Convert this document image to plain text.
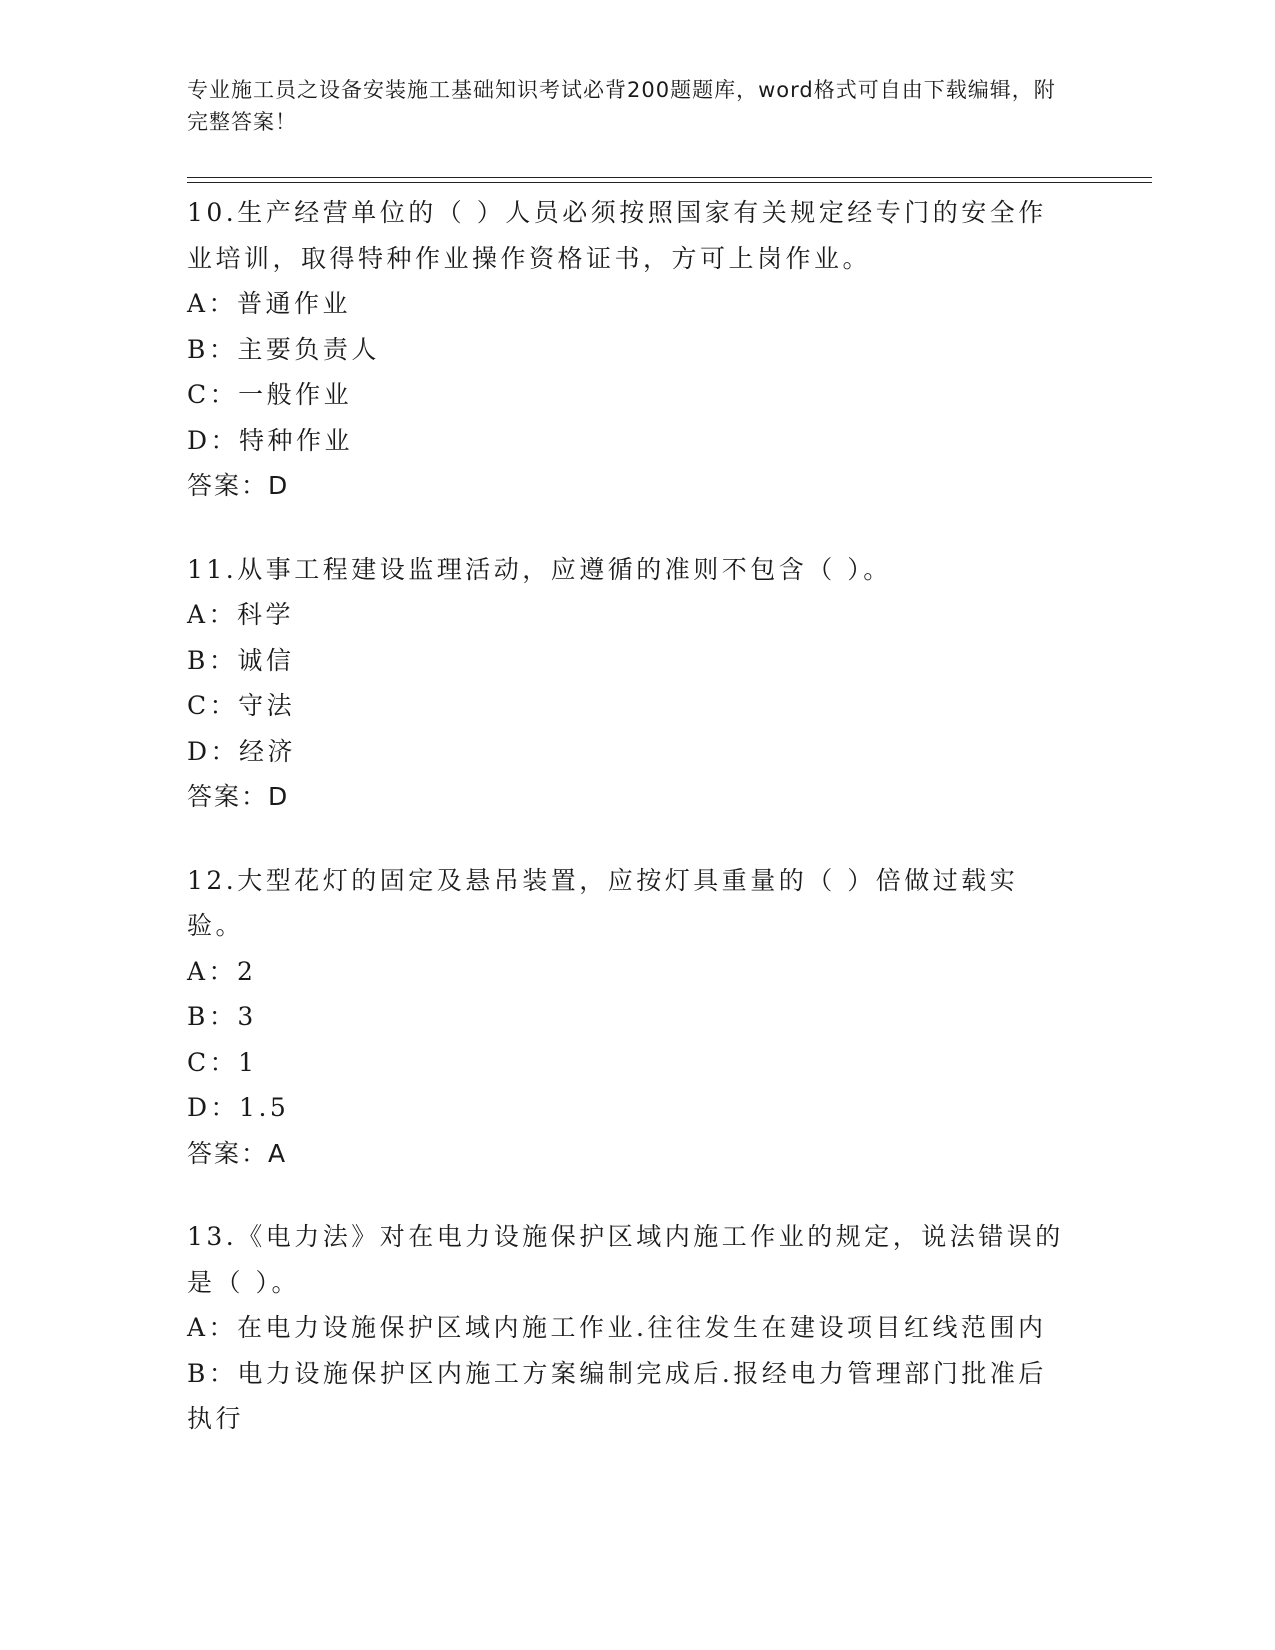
专业施工员之设备安装施工基础知识考试必背200题题库，word格式可自由下载编辑，附完整答案！

10.生产经营单位的（ ）人员必须按照国家有关规定经专门的安全作业培训，取得特种作业操作资格证书，方可上岗作业。

A：普通作业

B：主要负责人

C：一般作业

D：特种作业

答案：D

11.从事工程建设监理活动，应遵循的准则不包含（ ）。

A：科学

B：诚信

C：守法

D：经济

答案：D

12.大型花灯的固定及悬吊装置，应按灯具重量的（ ）倍做过载实验。

A：2

B：3

C：1

D：1.5

答案：A

13.《电力法》对在电力设施保护区域内施工作业的规定，说法错误的是（ ）。

A：在电力设施保护区域内施工作业.往往发生在建设项目红线范围内

B：电力设施保护区内施工方案编制完成后.报经电力管理部门批准后执行
